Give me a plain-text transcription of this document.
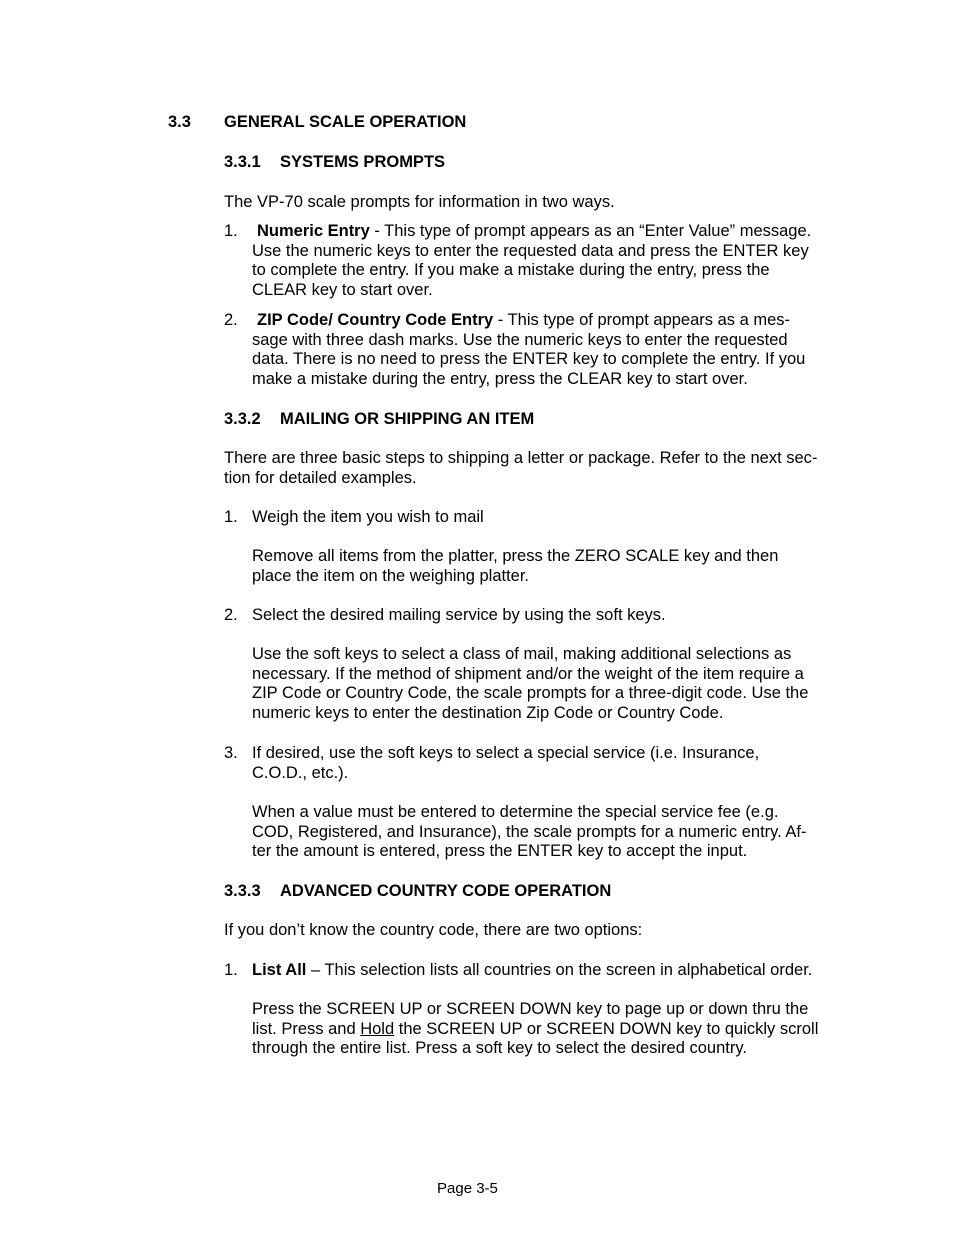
3.3 GENERAL SCALE OPERATION
3.3.1 SYSTEMS PROMPTS
The VP-70 scale prompts for information in two ways.
1.	Numeric Entry - This type of prompt appears as an “Enter Value” message.
Use the numeric keys to enter the requested data and press the ENTER key
to complete the entry. If you make a mistake during the entry, press the
CLEAR key to start over.
2.	ZIP Code/ Country Code Entry - This type of prompt appears as a mes-
sage with three dash marks. Use the numeric keys to enter the requested
data. There is no need to press the ENTER key to complete the entry. If you
make a mistake during the entry, press the CLEAR key to start over.
3.3.2 MAILING OR SHIPPING AN ITEM
There are three basic steps to shipping a letter or package. Refer to the next sec-
tion for detailed examples.
1. Weigh the item you wish to mail
Remove all items from the platter, press the ZERO SCALE key and then
place the item on the weighing platter.
2. Select the desired mailing service by using the soft keys.
Use the soft keys to select a class of mail, making additional selections as
necessary. If the method of shipment and/or the weight of the item require a
ZIP Code or Country Code, the scale prompts for a three-digit code. Use the
numeric keys to enter the destination Zip Code or Country Code.
3. If desired, use the soft keys to select a special service (i.e. Insurance,
C.O.D., etc.).
When a value must be entered to determine the special service fee (e.g.
COD, Registered, and Insurance), the scale prompts for a numeric entry. Af-
ter the amount is entered, press the ENTER key to accept the input.
3.3.3 ADVANCED COUNTRY CODE OPERATION
If you don’t know the country code, there are two options:
1. List All – This selection lists all countries on the screen in alphabetical order.
Press the SCREEN UP or SCREEN DOWN key to page up or down thru the
list. Press and Hold the SCREEN UP or SCREEN DOWN key to quickly scroll
through the entire list. Press a soft key to select the desired country.
Page 3-5
